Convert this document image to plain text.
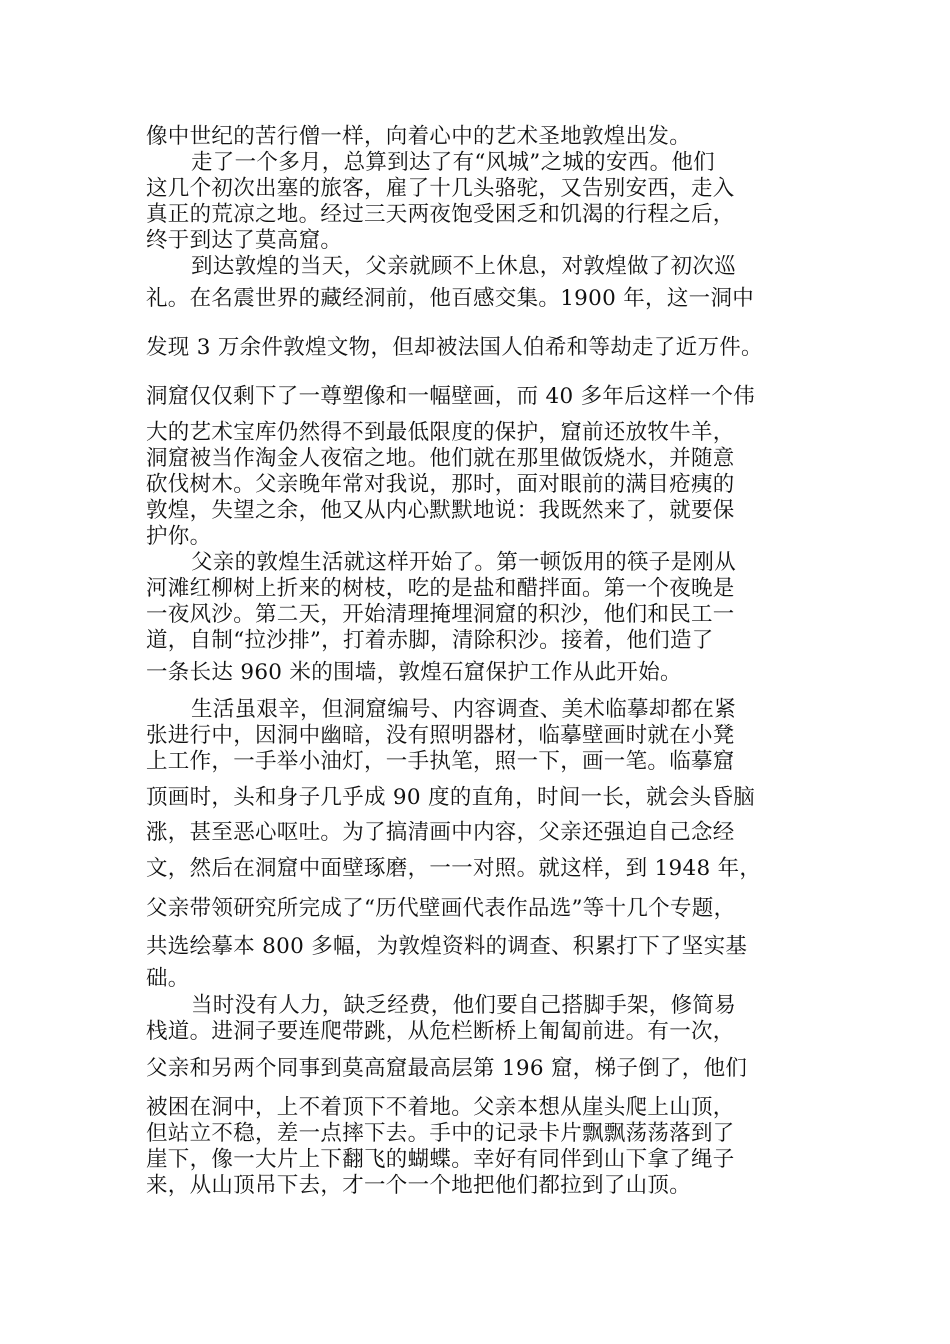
像中世纪的苦行僧一样，向着心中的艺术圣地敦煌出发。
走了一个多月，总算到达了有“风城”之城的安西。他们
这几个初次出塞的旅客，雇了十几头骆驼，又告别安西，走入
真正的荒凉之地。经过三天两夜饱受困乏和饥渴的行程之后，
终于到达了莫高窟。
到达敦煌的当天，父亲就顾不上休息，对敦煌做了初次巡
礼。在名震世界的藏经洞前，他百感交集。1900 年，这一洞中
发现 3 万余件敦煌文物，但却被法国人伯希和等劫走了近万件。
洞窟仅仅剩下了一尊塑像和一幅壁画，而 40 多年后这样一个伟
大的艺术宝库仍然得不到最低限度的保护，窟前还放牧牛羊，
洞窟被当作淘金人夜宿之地。他们就在那里做饭烧水，并随意
砍伐树木。父亲晚年常对我说，那时，面对眼前的满目疮痍的
敦煌，失望之余，他又从内心默默地说：我既然来了，就要保
护你。
父亲的敦煌生活就这样开始了。第一顿饭用的筷子是刚从
河滩红柳树上折来的树枝，吃的是盐和醋拌面。第一个夜晚是
一夜风沙。第二天，开始清理掩埋洞窟的积沙，他们和民工一
道，自制“拉沙排”，打着赤脚，清除积沙。接着，他们造了
一条长达 960 米的围墙，敦煌石窟保护工作从此开始。
生活虽艰辛，但洞窟编号、内容调查、美术临摹却都在紧
张进行中，因洞中幽暗，没有照明器材，临摹壁画时就在小凳
上工作，一手举小油灯，一手执笔，照一下，画一笔。临摹窟
顶画时，头和身子几乎成 90 度的直角，时间一长，就会头昏脑
涨，甚至恶心呕吐。为了搞清画中内容，父亲还强迫自己念经
文，然后在洞窟中面壁琢磨，一一对照。就这样，到 1948 年，
父亲带领研究所完成了“历代壁画代表作品选”等十几个专题，
共选绘摹本 800 多幅，为敦煌资料的调查、积累打下了坚实基
础。
当时没有人力，缺乏经费，他们要自己搭脚手架，修简易
栈道。进洞子要连爬带跳，从危栏断桥上匍匐前进。有一次，
父亲和另两个同事到莫高窟最高层第 196 窟，梯子倒了，他们
被困在洞中，上不着顶下不着地。父亲本想从崖头爬上山顶，
但站立不稳，差一点摔下去。手中的记录卡片飘飘荡荡落到了
崖下，像一大片上下翻飞的蝴蝶。幸好有同伴到山下拿了绳子
来，从山顶吊下去，才一个一个地把他们都拉到了山顶。
